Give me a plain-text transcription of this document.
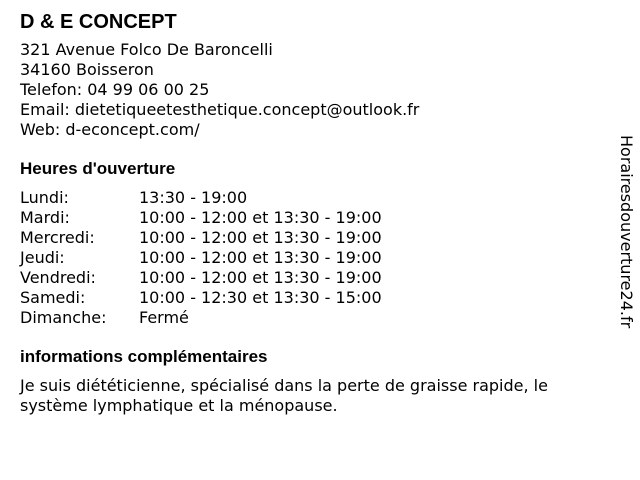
D & E CONCEPT
321 Avenue Folco De Baroncelli
34160 Boisseron
Telefon: 04 99 06 00 25
Email: dietetiqueetesthetique.concept@outlook.fr
Web: d-econcept.com/
Heures d'ouverture
Lundi:	13:30 - 19:00
Mardi:	10:00 - 12:00 et 13:30 - 19:00
Mercredi:	10:00 - 12:00 et 13:30 - 19:00
Jeudi:	10:00 - 12:00 et 13:30 - 19:00
Vendredi:	10:00 - 12:00 et 13:30 - 19:00
Samedi:	10:00 - 12:30 et 13:30 - 15:00
Dimanche:	Fermé
informations complémentaires
Je suis diététicienne, spécialisé dans la perte de graisse rapide, le système lymphatique et la ménopause.
Horairesdouverture24.fr
